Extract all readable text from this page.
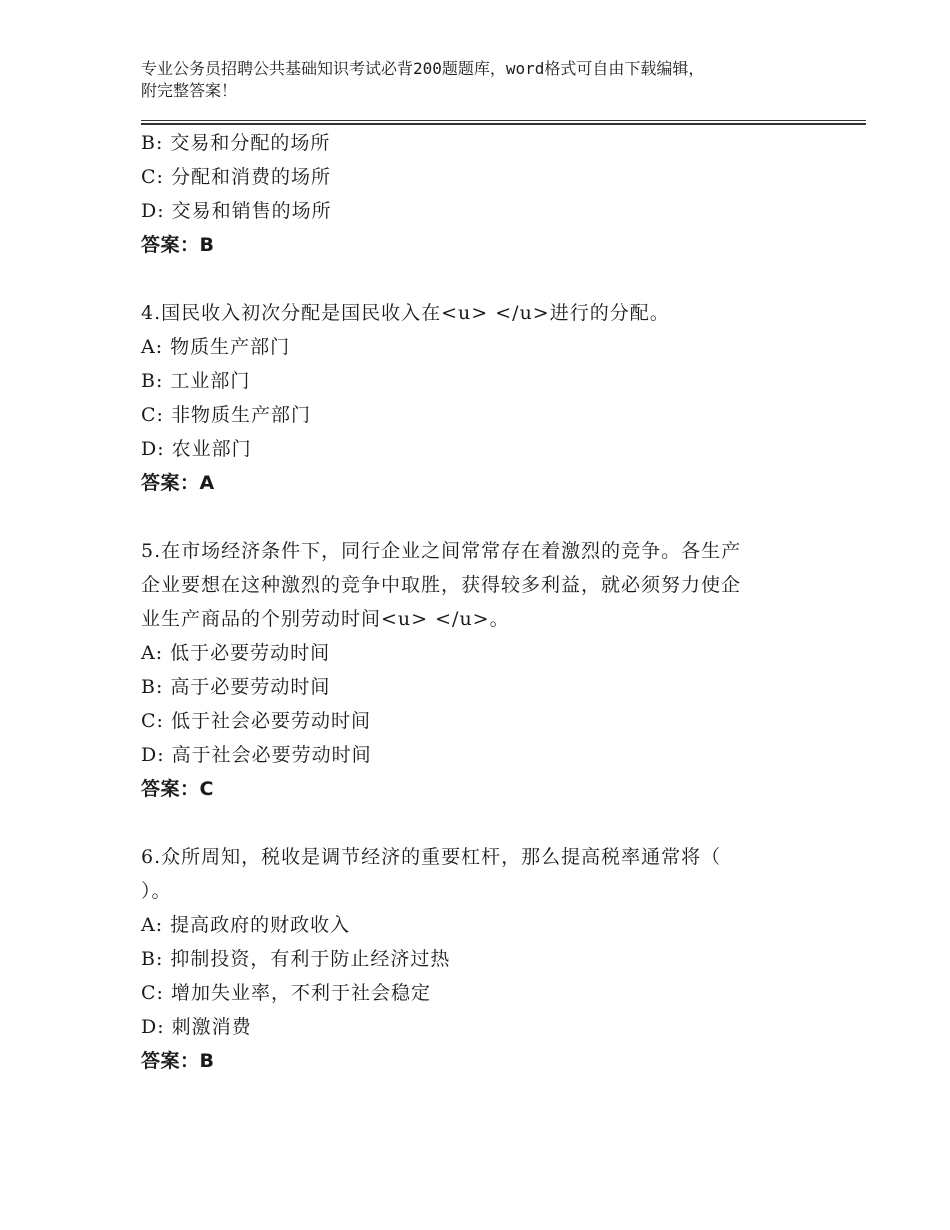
专业公务员招聘公共基础知识考试必背200题题库，word格式可自由下载编辑，
附完整答案！
B: 交易和分配的场所
C: 分配和消费的场所
D: 交易和销售的场所
答案：B
4.国民收入初次分配是国民收入在<u> </u>进行的分配。
A: 物质生产部门
B: 工业部门
C: 非物质生产部门
D: 农业部门
答案：A
5.在市场经济条件下，同行企业之间常常存在着激烈的竞争。各生产
企业要想在这种激烈的竞争中取胜，获得较多利益，就必须努力使企
业生产商品的个别劳动时间<u> </u>。
A: 低于必要劳动时间
B: 高于必要劳动时间
C: 低于社会必要劳动时间
D: 高于社会必要劳动时间
答案：C
6.众所周知，税收是调节经济的重要杠杆，那么提高税率通常将（
）。
A: 提高政府的财政收入
B: 抑制投资，有利于防止经济过热
C: 增加失业率，不利于社会稳定
D: 刺激消费
答案：B
